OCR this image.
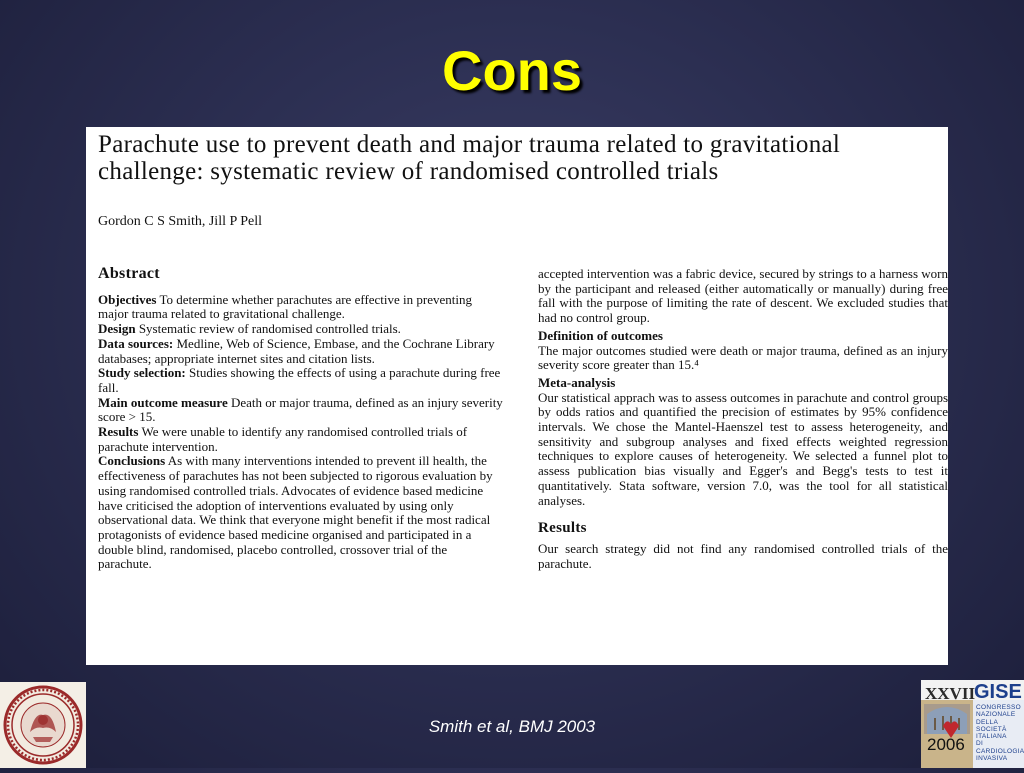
Cons
Parachute use to prevent death and major trauma related to gravitational challenge: systematic review of randomised controlled trials
Gordon C S Smith, Jill P Pell
Abstract

Objectives To determine whether parachutes are effective in preventing major trauma related to gravitational challenge.

Design Systematic review of randomised controlled trials.

Data sources: Medline, Web of Science, Embase, and the Cochrane Library databases; appropriate internet sites and citation lists.

Study selection: Studies showing the effects of using a parachute during free fall.

Main outcome measure Death or major trauma, defined as an injury severity score > 15.

Results We were unable to identify any randomised controlled trials of parachute intervention.

Conclusions As with many interventions intended to prevent ill health, the effectiveness of parachutes has not been subjected to rigorous evaluation by using randomised controlled trials. Advocates of evidence based medicine have criticised the adoption of interventions evaluated by using only observational data. We think that everyone might benefit if the most radical protagonists of evidence based medicine organised and participated in a double blind, randomised, placebo controlled, crossover trial of the parachute.

accepted intervention was a fabric device, secured by strings to a harness worn by the participant and released (either automatically or manually) during free fall with the purpose of limiting the rate of descent. We excluded studies that had no control group.
Definition of outcomes
The major outcomes studied were death or major trauma, defined as an injury severity score greater than 15.⁴
Meta-analysis
Our statistical apprach was to assess outcomes in parachute and control groups by odds ratios and quantified the precision of estimates by 95% confidence intervals. We chose the Mantel-Haenszel test to assess heterogeneity, and sensitivity and subgroup analyses and fixed effects weighted regression techniques to explore causes of heterogeneity. We selected a funnel plot to assess publication bias visually and Egger's and Begg's tests to test it quantitatively. Stata software, version 7.0, was the tool for all statistical analyses.
Results
Our search strategy did not find any randomised controlled trials of the parachute.
Smith et al, BMJ 2003
XXVII
GISE
CONGRESSO
NAZIONALE
DELLA SOCIETÀ
ITALIANA
DI CARDIOLOGIA
INVASIVA
2006
